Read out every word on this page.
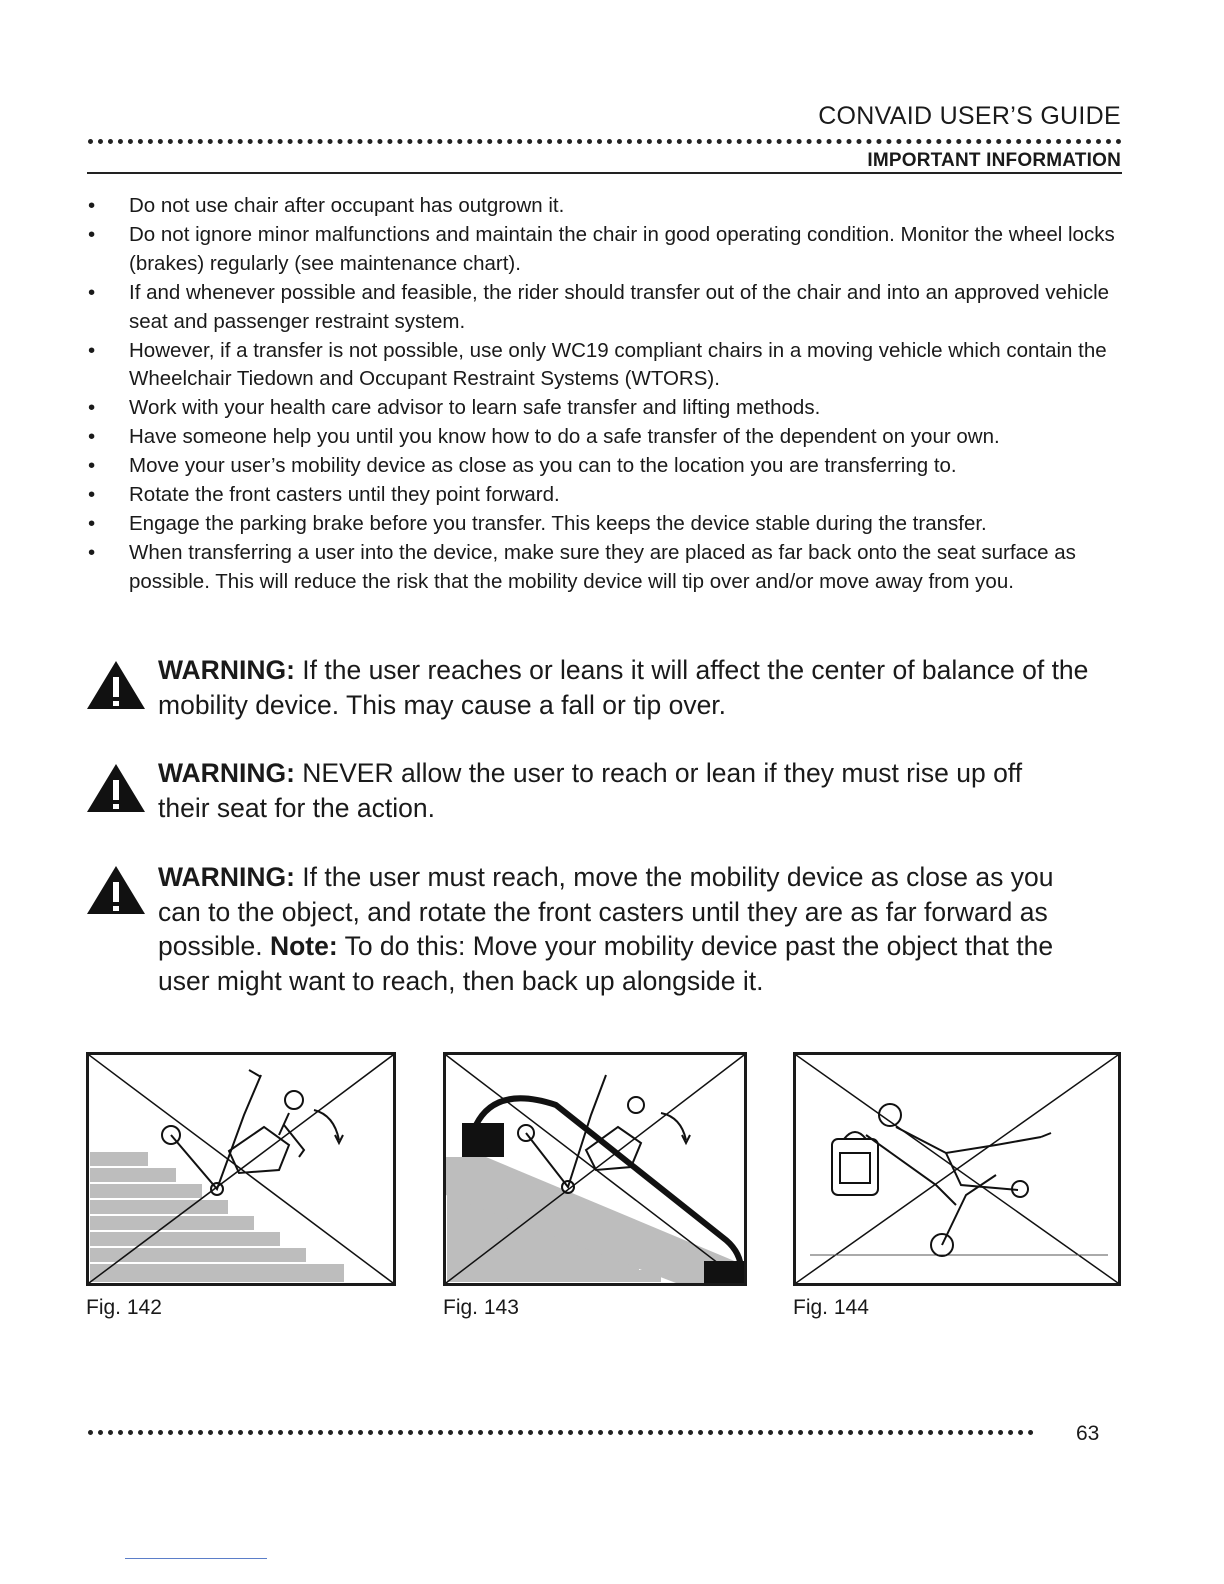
CONVAID USER’S GUIDE
IMPORTANT INFORMATION
• Do not use chair after occupant has outgrown it.
• Do not ignore minor malfunctions and maintain the chair in good operating condition. Monitor the wheel locks (brakes) regularly (see maintenance chart).
• If and whenever possible and feasible, the rider should transfer out of the chair and into an approved vehicle seat and passenger restraint system.
• However, if a transfer is not possible, use only WC19 compliant chairs in a moving vehicle which contain the Wheelchair Tiedown and Occupant Restraint Systems (WTORS).
• Work with your health care advisor to learn safe transfer and lifting methods.
• Have someone help you until you know how to do a safe transfer of the dependent on your own.
• Move your user’s mobility device as close as you can to the location you are transferring to.
• Rotate the front casters until they point forward.
• Engage the parking brake before you transfer. This keeps the device stable during the transfer.
• When transferring a user into the device, make sure they are placed as far back onto the seat surface as possible. This will reduce the risk that the mobility device will tip over and/or move away from you.
WARNING: If the user reaches or leans it will affect the center of balance of the mobility device. This may cause a fall or tip over.
WARNING: NEVER allow the user to reach or lean if they must rise up off their seat for the action.
WARNING: If the user must reach, move the mobility device as close as you can to the object, and rotate the front casters until they are as far forward as possible. Note: To do this: Move your mobility device past the object that the user might want to reach, then back up alongside it.
Fig. 142	Fig. 143	Fig. 144
63
